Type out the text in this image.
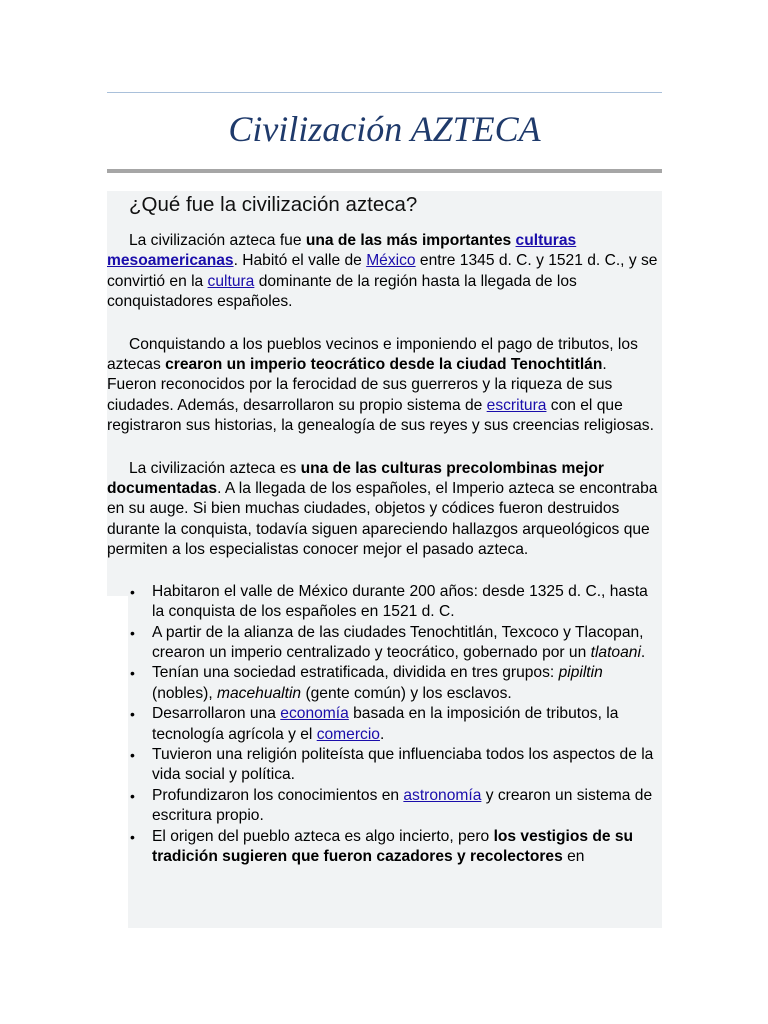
Civilización AZTECA
¿Qué fue la civilización azteca?

La civilización azteca fue una de las más importantes culturas mesoamericanas. Habitó el valle de México entre 1345 d. C. y 1521 d. C., y se convirtió en la cultura dominante de la región hasta la llegada de los conquistadores españoles.

Conquistando a los pueblos vecinos e imponiendo el pago de tributos, los aztecas crearon un imperio teocrático desde la ciudad Tenochtitlán. Fueron reconocidos por la ferocidad de sus guerreros y la riqueza de sus ciudades. Además, desarrollaron su propio sistema de escritura con el que registraron sus historias, la genealogía de sus reyes y sus creencias religiosas.

La civilización azteca es una de las culturas precolombinas mejor documentadas. A la llegada de los españoles, el Imperio azteca se encontraba en su auge. Si bien muchas ciudades, objetos y códices fueron destruidos durante la conquista, todavía siguen apareciendo hallazgos arqueológicos que permiten a los especialistas conocer mejor el pasado azteca.

• Habitaron el valle de México durante 200 años: desde 1325 d. C., hasta la conquista de los españoles en 1521 d. C.
• A partir de la alianza de las ciudades Tenochtitlán, Texcoco y Tlacopan, crearon un imperio centralizado y teocrático, gobernado por un tlatoani.
• Tenían una sociedad estratificada, dividida en tres grupos: pipiltin (nobles), macehualtin (gente común) y los esclavos.
• Desarrollaron una economía basada en la imposición de tributos, la tecnología agrícola y el comercio.
• Tuvieron una religión politeísta que influenciaba todos los aspectos de la vida social y política.
• Profundizaron los conocimientos en astronomía y crearon un sistema de escritura propio.
• El origen del pueblo azteca es algo incierto, pero los vestigios de su tradición sugieren que fueron cazadores y recolectores en
